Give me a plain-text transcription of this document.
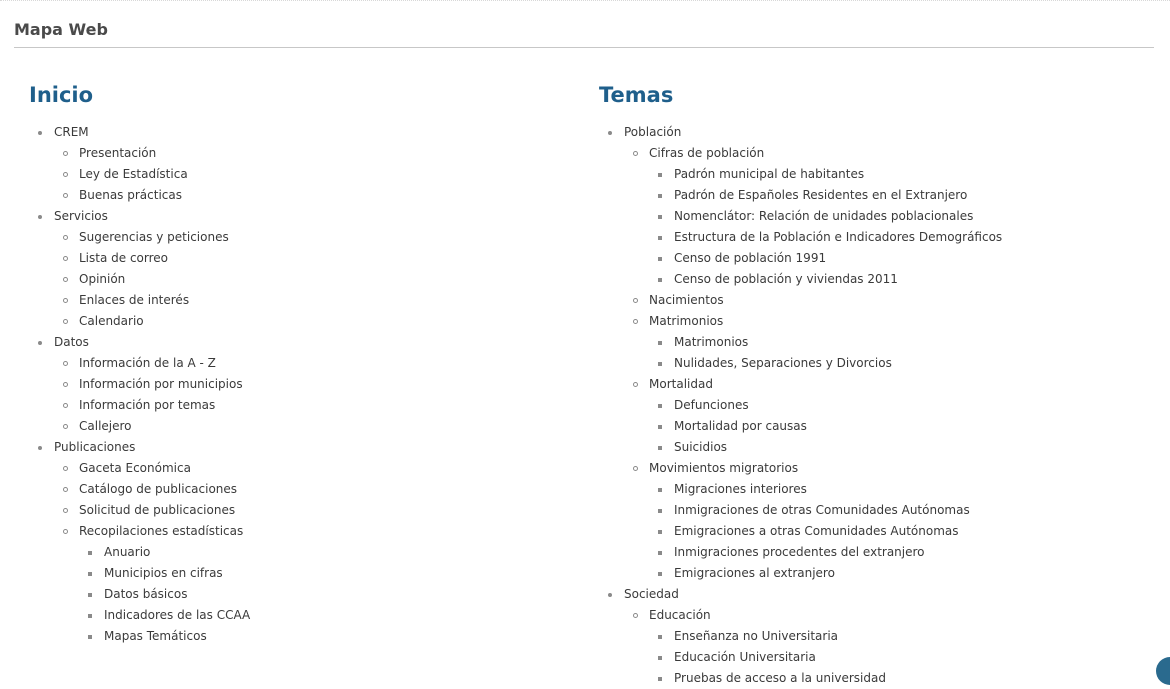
Mapa Web
Inicio
CREM
Presentación
Ley de Estadística
Buenas prácticas
Servicios
Sugerencias y peticiones
Lista de correo
Opinión
Enlaces de interés
Calendario
Datos
Información de la A - Z
Información por municipios
Información por temas
Callejero
Publicaciones
Gaceta Económica
Catálogo de publicaciones
Solicitud de publicaciones
Recopilaciones estadísticas
Anuario
Municipios en cifras
Datos básicos
Indicadores de las CCAA
Mapas Temáticos
Temas
Población
Cifras de población
Padrón municipal de habitantes
Padrón de Españoles Residentes en el Extranjero
Nomenclátor: Relación de unidades poblacionales
Estructura de la Población e Indicadores Demográficos
Censo de población 1991
Censo de población y viviendas 2011
Nacimientos
Matrimonios
Matrimonios
Nulidades, Separaciones y Divorcios
Mortalidad
Defunciones
Mortalidad por causas
Suicidios
Movimientos migratorios
Migraciones interiores
Inmigraciones de otras Comunidades Autónomas
Emigraciones a otras Comunidades Autónomas
Inmigraciones procedentes del extranjero
Emigraciones al extranjero
Sociedad
Educación
Enseñanza no Universitaria
Educación Universitaria
Pruebas de acceso a la universidad
